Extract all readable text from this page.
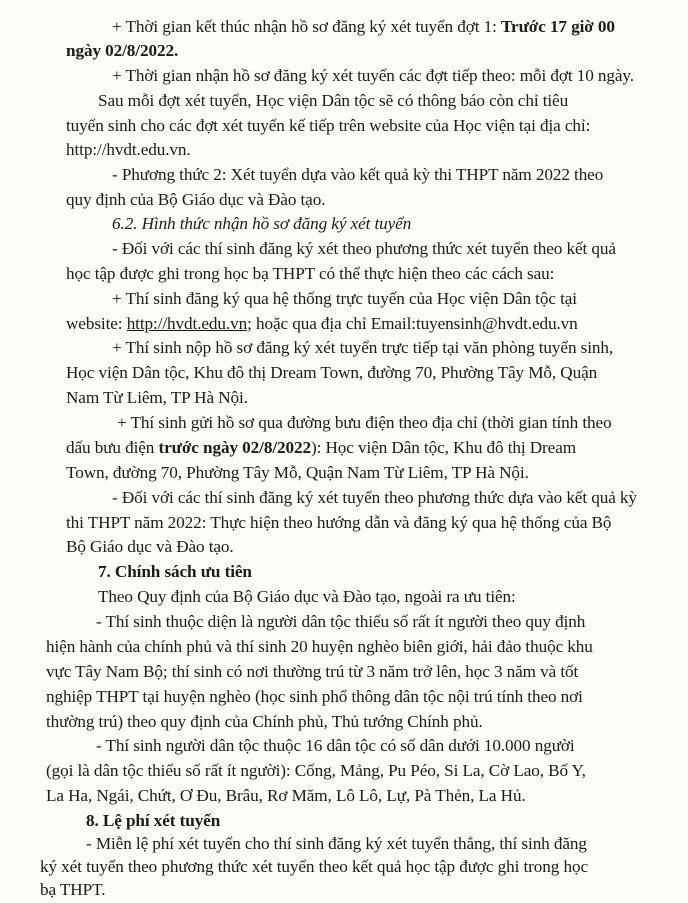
+ Thời gian kết thúc nhận hồ sơ đăng ký xét tuyển đợt 1: Trước 17 giờ 00
ngày 02/8/2022.
+ Thời gian nhận hồ sơ đăng ký xét tuyển các đợt tiếp theo: mỗi đợt 10 ngày.
Sau mỗi đợt xét tuyển, Học viện Dân tộc sẽ có thông báo còn chỉ tiêu
tuyển sinh cho các đợt xét tuyển kế tiếp trên website của Học viện tại địa chỉ:
http://hvdt.edu.vn.
- Phương thức 2: Xét tuyển dựa vào kết quả kỳ thi THPT năm 2022 theo
quy định của Bộ Giáo dục và Đào tạo.
6.2. Hình thức nhận hồ sơ đăng ký xét tuyển
- Đối với các thí sinh đăng ký xét theo phương thức xét tuyển theo kết quả
học tập được ghi trong học bạ THPT có thể thực hiện theo các cách sau:
+ Thí sinh đăng ký qua hệ thống trực tuyến của Học viện Dân tộc tại
website: http://hvdt.edu.vn; hoặc qua địa chỉ Email:tuyensinh@hvdt.edu.vn
+ Thí sinh nộp hồ sơ đăng ký xét tuyển trực tiếp tại văn phòng tuyển sinh,
Học viện Dân tộc, Khu đô thị Dream Town, đường 70, Phường Tây Mỗ, Quận
Nam Từ Liêm, TP Hà Nội.
+ Thí sinh gửi hồ sơ qua đường bưu điện theo địa chỉ (thời gian tính theo
dấu bưu điện trước ngày 02/8/2022): Học viện Dân tộc, Khu đô thị Dream
Town, đường 70, Phường Tây Mỗ, Quận Nam Từ Liêm, TP Hà Nội.
- Đối với các thí sinh đăng ký xét tuyển theo phương thức dựa vào kết quả kỳ
thi THPT năm 2022: Thực hiện theo hướng dẫn và đăng ký qua hệ thống của Bộ
Bộ Giáo dục và Đào tạo.
7. Chính sách ưu tiên
Theo Quy định của Bộ Giáo dục và Đào tạo, ngoài ra ưu tiên:
- Thí sinh thuộc diện là người dân tộc thiểu số rất ít người theo quy định
hiện hành của chính phủ và thí sinh 20 huyện nghèo biên giới, hải đảo thuộc khu
vực Tây Nam Bộ; thí sinh có nơi thường trú từ 3 năm trở lên, học 3 năm và tốt
nghiệp THPT tại huyện nghèo (học sinh phổ thông dân tộc nội trú tính theo nơi
thường trú) theo quy định của Chính phủ, Thủ tướng Chính phủ.
- Thí sinh người dân tộc thuộc 16 dân tộc có số dân dưới 10.000 người
(gọi là dân tộc thiểu số rất ít người): Cống, Mảng, Pu Péo, Si La, Cờ Lao, Bố Y,
La Ha, Ngái, Chứt, Ơ Đu, Brâu, Rơ Măm, Lô Lô, Lự, Pà Thẻn, La Hủ.
8. Lệ phí xét tuyển
- Miễn lệ phí xét tuyển cho thí sinh đăng ký xét tuyển thẳng, thí sinh đăng
ký xét tuyển theo phương thức xét tuyển theo kết quả học tập được ghi trong học
bạ THPT.
